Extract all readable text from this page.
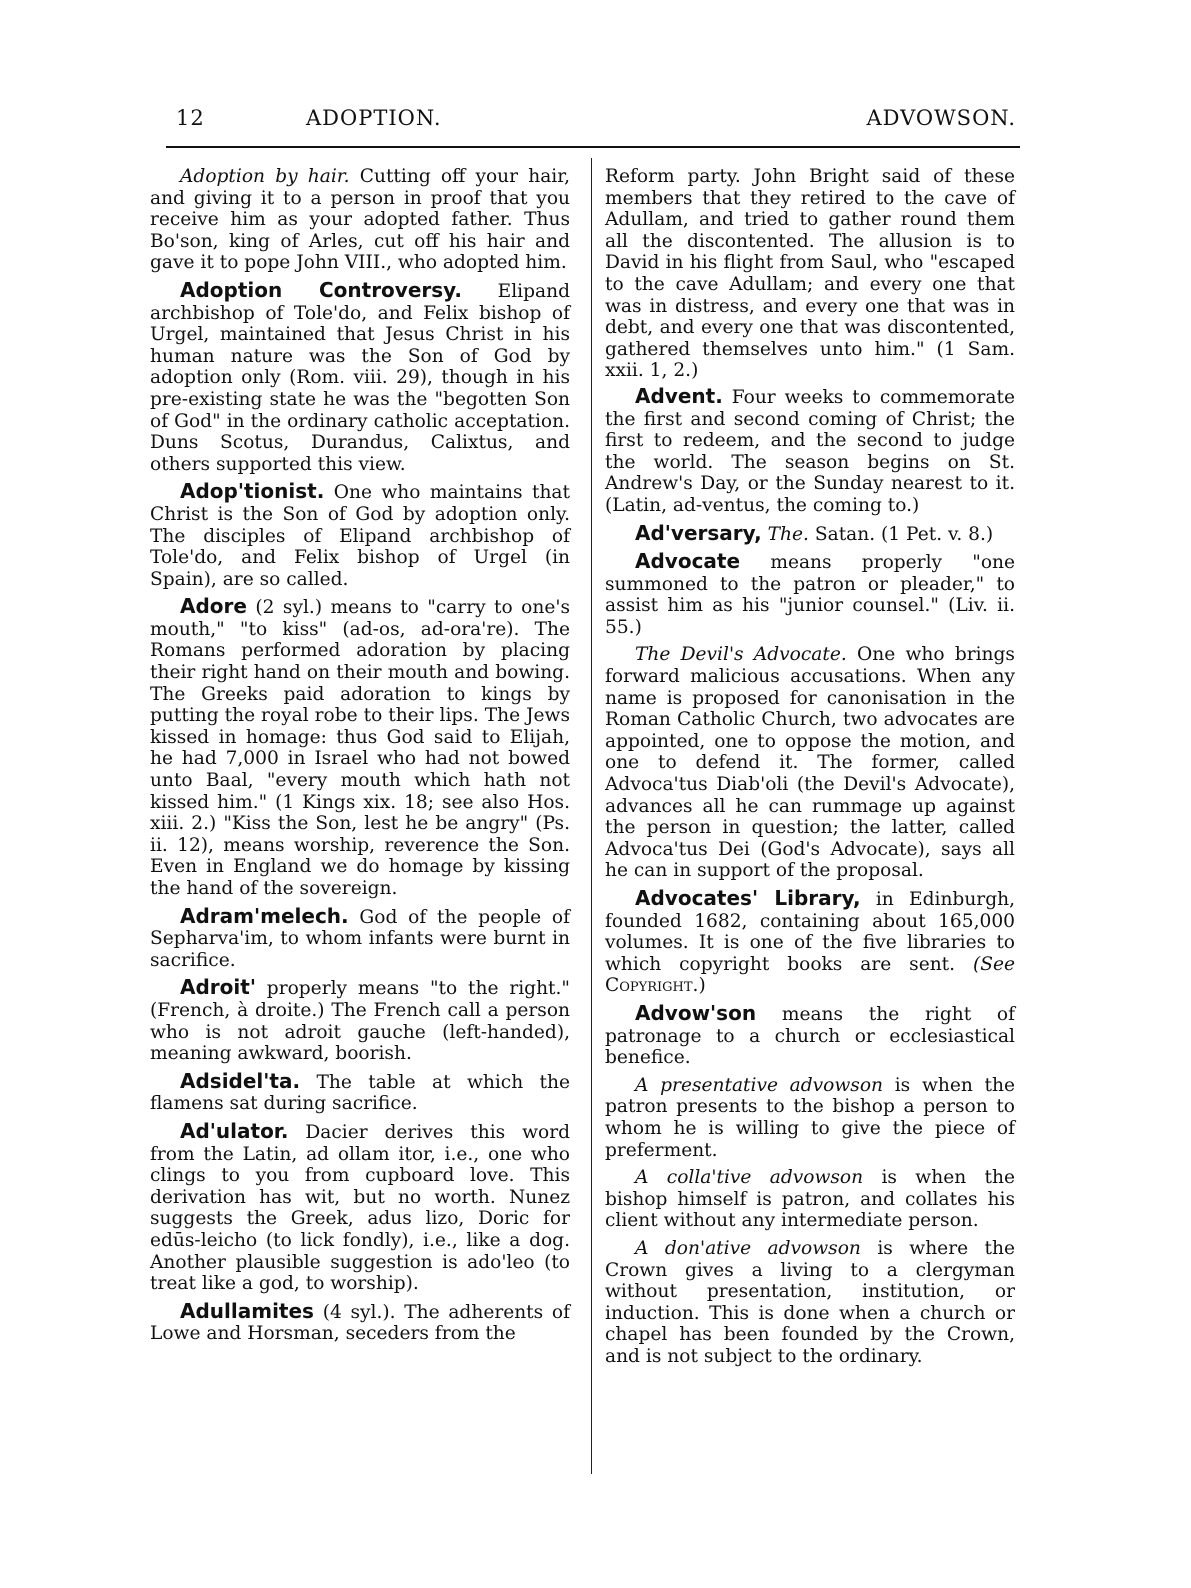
12	ADOPTION.	ADVOWSON.

Adoption by hair. Cutting off your hair, and giving it to a person in proof that you receive him as your adopted father. Thus Bo'son, king of Arles, cut off his hair and gave it to pope John VIII., who adopted him.

Adoption Controversy. Elipand archbishop of Tole'do, and Felix bishop of Urgel, maintained that Jesus Christ in his human nature was the Son of God by adoption only (Rom. viii. 29), though in his pre-existing state he was the "begotten Son of God" in the ordinary catholic acceptation. Duns Scotus, Durandus, Calixtus, and others supported this view.

Adop'tionist. One who maintains that Christ is the Son of God by adoption only. The disciples of Elipand archbishop of Tole'do, and Felix bishop of Urgel (in Spain), are so called.

Adore (2 syl.) means to "carry to one's mouth," "to kiss" (ad-os, ad-ora're). The Romans performed adoration by placing their right hand on their mouth and bowing. The Greeks paid adoration to kings by putting the royal robe to their lips. The Jews kissed in homage: thus God said to Elijah, he had 7,000 in Israel who had not bowed unto Baal, "every mouth which hath not kissed him." (1 Kings xix. 18; see also Hos. xiii. 2.) "Kiss the Son, lest he be angry" (Ps. ii. 12), means worship, reverence the Son. Even in England we do homage by kissing the hand of the sovereign.

Adram'melech. God of the people of Sepharva'im, to whom infants were burnt in sacrifice.

Adroit' properly means "to the right." (French, à droite.) The French call a person who is not adroit gauche (left-handed), meaning awkward, boorish.

Adsidel'ta. The table at which the flamens sat during sacrifice.

Ad'ulator. Dacier derives this word from the Latin, ad ollam itor, i.e., one who clings to you from cupboard love. This derivation has wit, but no worth. Nunez suggests the Greek, adus lizo, Doric for edūs-leicho (to lick fondly), i.e., like a dog. Another plausible suggestion is ado'leo (to treat like a god, to worship).

Adullamites (4 syl.). The adherents of Lowe and Horsman, seceders from the

Reform party. John Bright said of these members that they retired to the cave of Adullam, and tried to gather round them all the discontented. The allusion is to David in his flight from Saul, who "escaped to the cave Adullam; and every one that was in distress, and every one that was in debt, and every one that was discontented, gathered themselves unto him." (1 Sam. xxii. 1, 2.)

Advent. Four weeks to commemorate the first and second coming of Christ; the first to redeem, and the second to judge the world. The season begins on St. Andrew's Day, or the Sunday nearest to it. (Latin, ad-ventus, the coming to.)

Ad'versary, The. Satan. (1 Pet. v. 8.)

Advocate means properly "one summoned to the patron or pleader," to assist him as his "junior counsel." (Liv. ii. 55.)

The Devil's Advocate. One who brings forward malicious accusations. When any name is proposed for canonisation in the Roman Catholic Church, two advocates are appointed, one to oppose the motion, and one to defend it. The former, called Advoca'tus Diab'oli (the Devil's Advocate), advances all he can rummage up against the person in question; the latter, called Advoca'tus Dei (God's Advocate), says all he can in support of the proposal.

Advocates' Library, in Edinburgh, founded 1682, containing about 165,000 volumes. It is one of the five libraries to which copyright books are sent. (See Copyright.)

Advow'son means the right of patronage to a church or ecclesiastical benefice.

A presentative advowson is when the patron presents to the bishop a person to whom he is willing to give the piece of preferment.

A colla'tive advowson is when the bishop himself is patron, and collates his client without any intermediate person.

A don'ative advowson is where the Crown gives a living to a clergyman without presentation, institution, or induction. This is done when a church or chapel has been founded by the Crown, and is not subject to the ordinary.
